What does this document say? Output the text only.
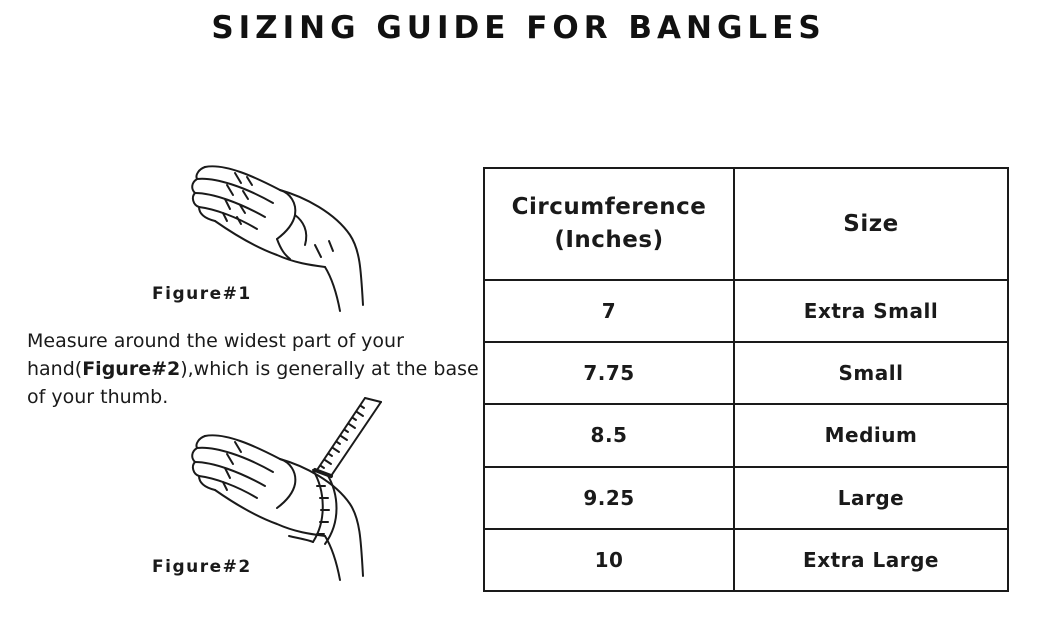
SIZING GUIDE FOR BANGLES
Figure#1
Measure around the widest part of your hand(Figure#2),which is generally at the base of your thumb.
Figure#2
Circumference
(Inches)	Size
7	Extra Small
7.75	Small
8.5	Medium
9.25	Large
10	Extra Large
